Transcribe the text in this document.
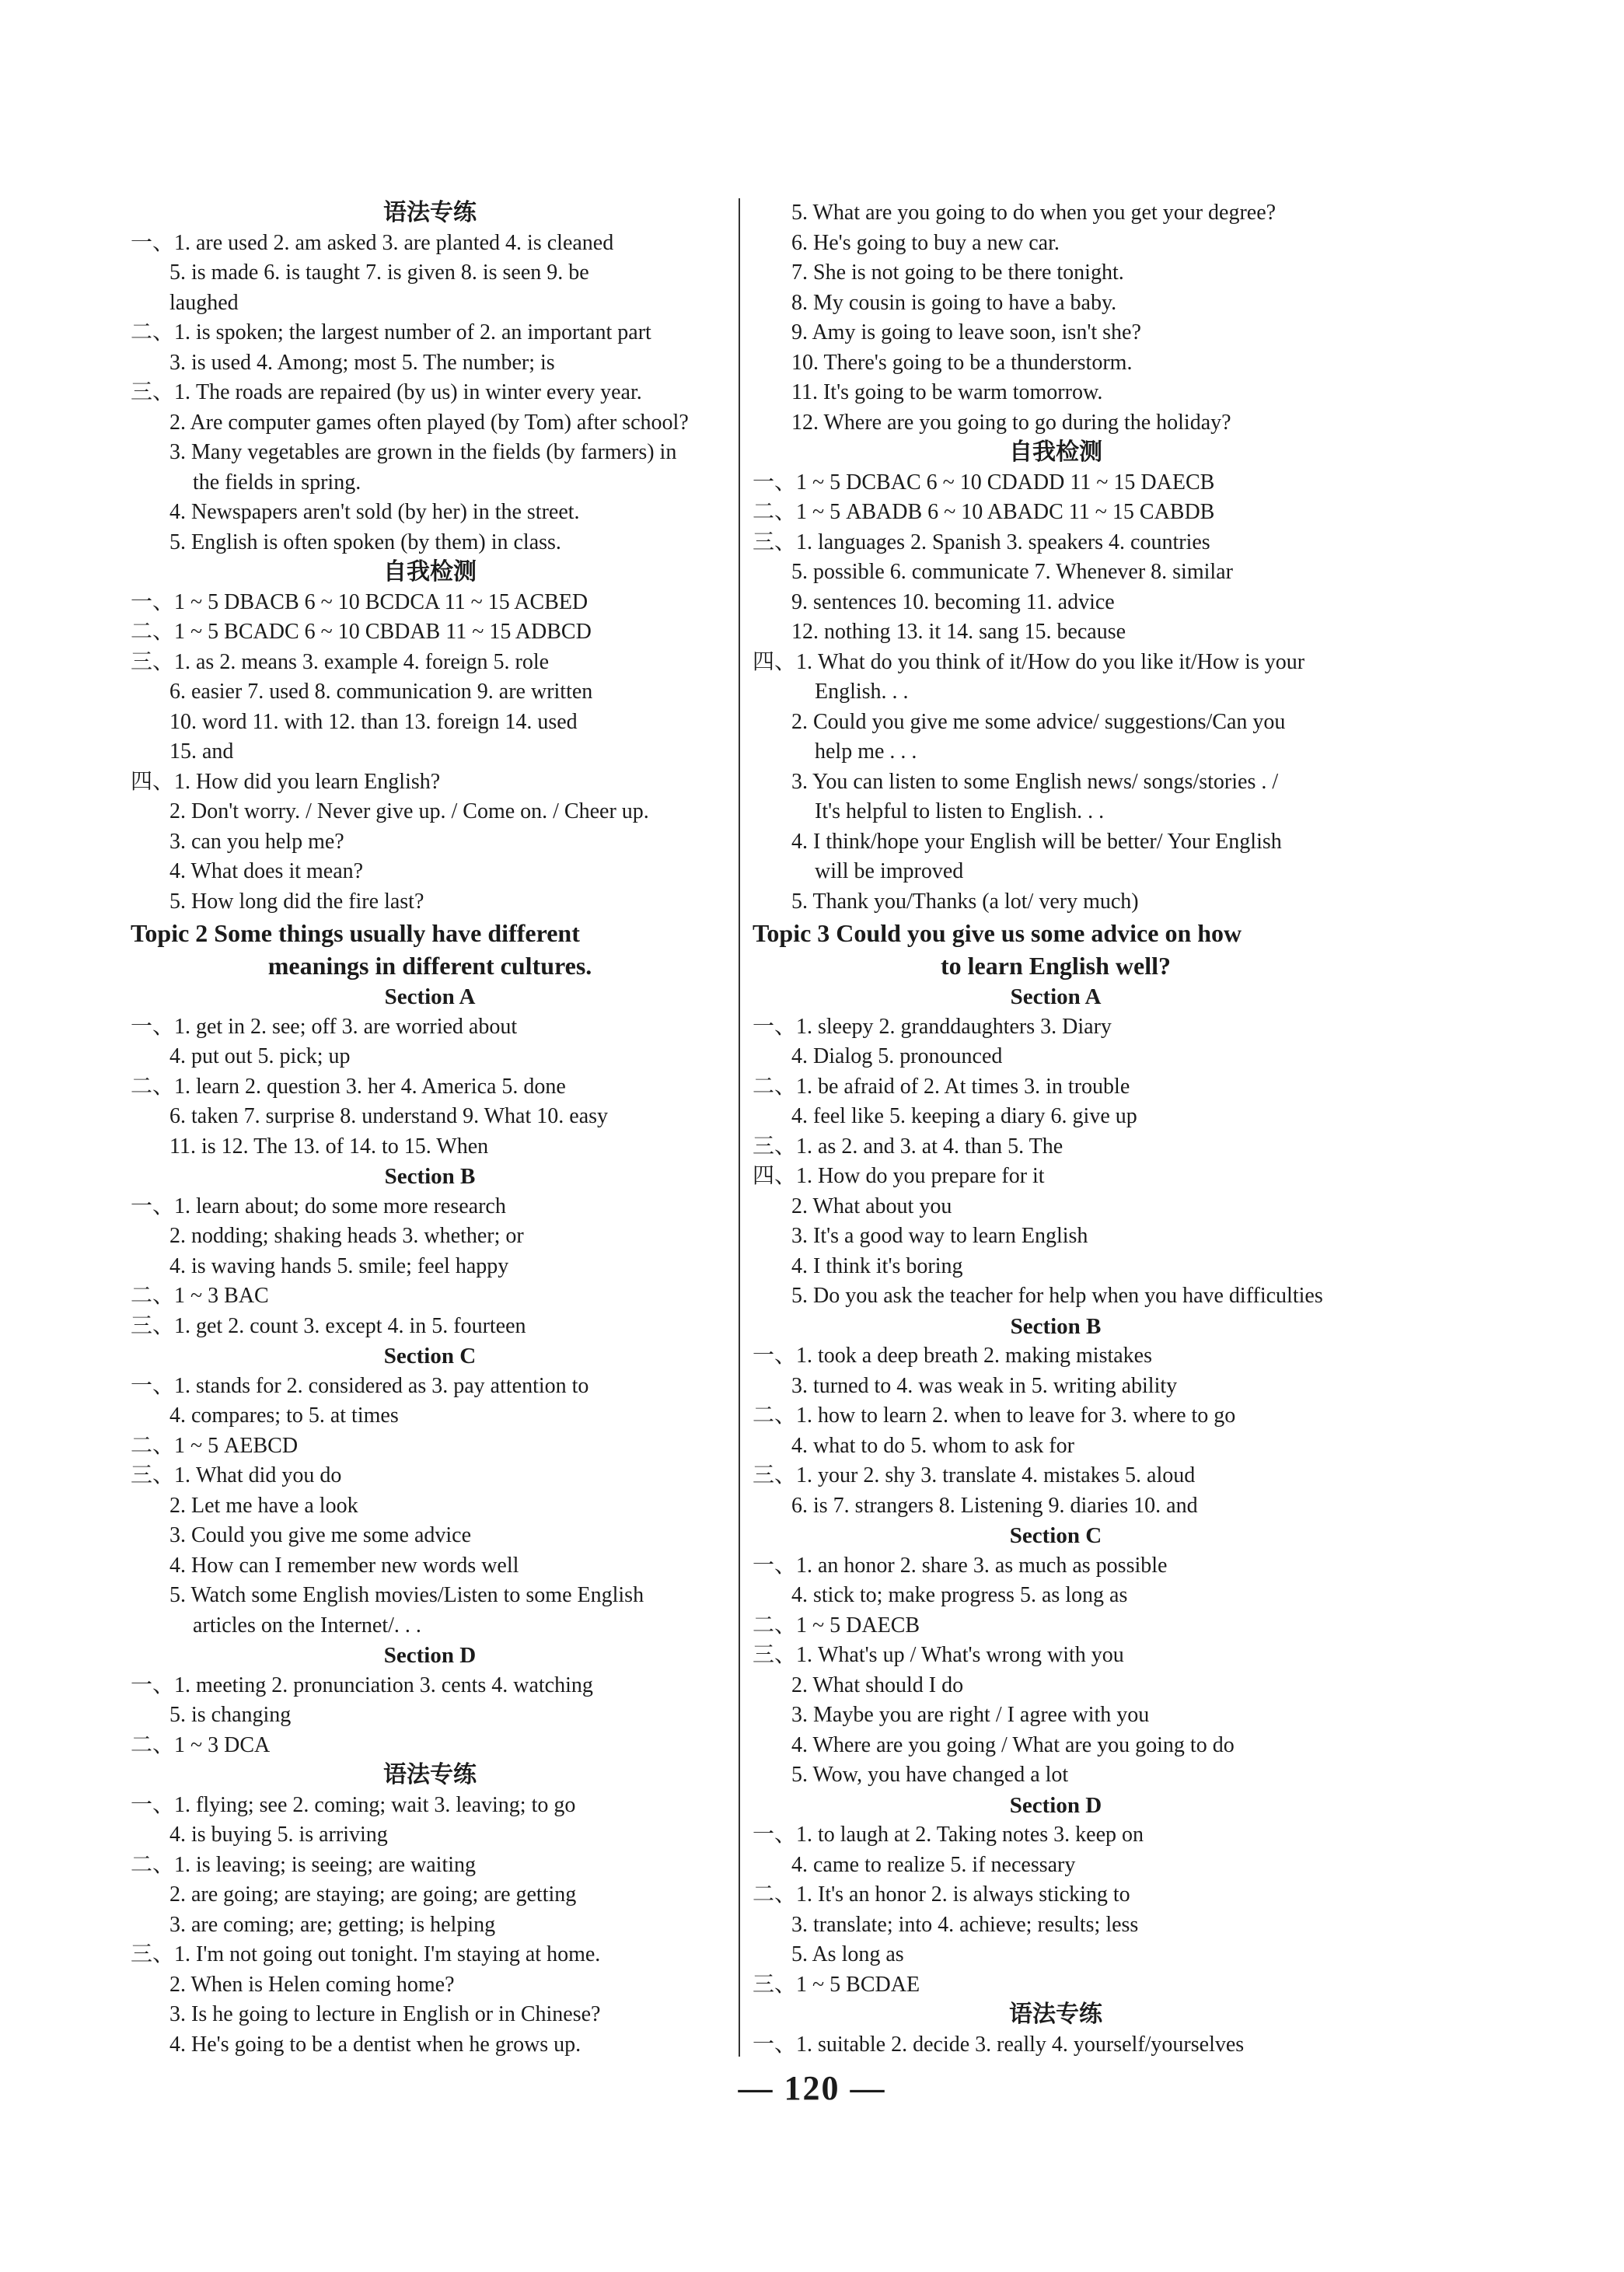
语法专练
一、1. are used 2. am asked 3. are planted 4. is cleaned
5. is made 6. is taught 7. is given 8. is seen 9. be
laughed
二、1. is spoken; the largest number of 2. an important part
3. is used 4. Among; most 5. The number; is
三、1. The roads are repaired (by us) in winter every year.
2. Are computer games often played (by Tom) after school?
3. Many vegetables are grown in the fields (by farmers) in
the fields in spring.
4. Newspapers aren't sold (by her) in the street.
5. English is often spoken (by them) in class.
自我检测
一、1 ~ 5 DBACB 6 ~ 10 BCDCA 11 ~ 15 ACBED
二、1 ~ 5 BCADC 6 ~ 10 CBDAB 11 ~ 15 ADBCD
三、1. as 2. means 3. example 4. foreign 5. role
6. easier 7. used 8. communication 9. are written
10. word 11. with 12. than 13. foreign 14. used
15. and
四、1. How did you learn English?
2. Don't worry. / Never give up. / Come on. / Cheer up.
3. can you help me?
4. What does it mean?
5. How long did the fire last?
Topic 2 Some things usually have different
meanings in different cultures.
Section A
一、1. get in 2. see; off 3. are worried about
4. put out 5. pick; up
二、1. learn 2. question 3. her 4. America 5. done
6. taken 7. surprise 8. understand 9. What 10. easy
11. is 12. The 13. of 14. to 15. When
Section B
一、1. learn about; do some more research
2. nodding; shaking heads 3. whether; or
4. is waving hands 5. smile; feel happy
二、1 ~ 3 BAC
三、1. get 2. count 3. except 4. in 5. fourteen
Section C
一、1. stands for 2. considered as 3. pay attention to
4. compares; to 5. at times
二、1 ~ 5 AEBCD
三、1. What did you do
2. Let me have a look
3. Could you give me some advice
4. How can I remember new words well
5. Watch some English movies/Listen to some English
articles on the Internet/. . .
Section D
一、1. meeting 2. pronunciation 3. cents 4. watching
5. is changing
二、1 ~ 3 DCA
语法专练
一、1. flying; see 2. coming; wait 3. leaving; to go
4. is buying 5. is arriving
二、1. is leaving; is seeing; are waiting
2. are going; are staying; are going; are getting
3. are coming; are; getting; is helping
三、1. I'm not going out tonight. I'm staying at home.
2. When is Helen coming home?
3. Is he going to lecture in English or in Chinese?
4. He's going to be a dentist when he grows up.
5. What are you going to do when you get your degree?
6. He's going to buy a new car.
7. She is not going to be there tonight.
8. My cousin is going to have a baby.
9. Amy is going to leave soon, isn't she?
10. There's going to be a thunderstorm.
11. It's going to be warm tomorrow.
12. Where are you going to go during the holiday?
自我检测
一、1 ~ 5 DCBAC 6 ~ 10 CDADD 11 ~ 15 DAECB
二、1 ~ 5 ABADB 6 ~ 10 ABADC 11 ~ 15 CABDB
三、1. languages 2. Spanish 3. speakers 4. countries
5. possible 6. communicate 7. Whenever 8. similar
9. sentences 10. becoming 11. advice
12. nothing 13. it 14. sang 15. because
四、1. What do you think of it/How do you like it/How is your
English. . .
2. Could you give me some advice/ suggestions/Can you
help me . . .
3. You can listen to some English news/ songs/stories . /
It's helpful to listen to English. . .
4. I think/hope your English will be better/ Your English
will be improved
5. Thank you/Thanks (a lot/ very much)
Topic 3 Could you give us some advice on how
to learn English well?
Section A
一、1. sleepy 2. granddaughters 3. Diary
4. Dialog 5. pronounced
二、1. be afraid of 2. At times 3. in trouble
4. feel like 5. keeping a diary 6. give up
三、1. as 2. and 3. at 4. than 5. The
四、1. How do you prepare for it
2. What about you
3. It's a good way to learn English
4. I think it's boring
5. Do you ask the teacher for help when you have difficulties
Section B
一、1. took a deep breath 2. making mistakes
3. turned to 4. was weak in 5. writing ability
二、1. how to learn 2. when to leave for 3. where to go
4. what to do 5. whom to ask for
三、1. your 2. shy 3. translate 4. mistakes 5. aloud
6. is 7. strangers 8. Listening 9. diaries 10. and
Section C
一、1. an honor 2. share 3. as much as possible
4. stick to; make progress 5. as long as
二、1 ~ 5 DAECB
三、1. What's up / What's wrong with you
2. What should I do
3. Maybe you are right / I agree with you
4. Where are you going / What are you going to do
5. Wow, you have changed a lot
Section D
一、1. to laugh at 2. Taking notes 3. keep on
4. came to realize 5. if necessary
二、1. It's an honor 2. is always sticking to
3. translate; into 4. achieve; results; less
5. As long as
三、1 ~ 5 BCDAE
语法专练
一、1. suitable 2. decide 3. really 4. yourself/yourselves
— 120 —
